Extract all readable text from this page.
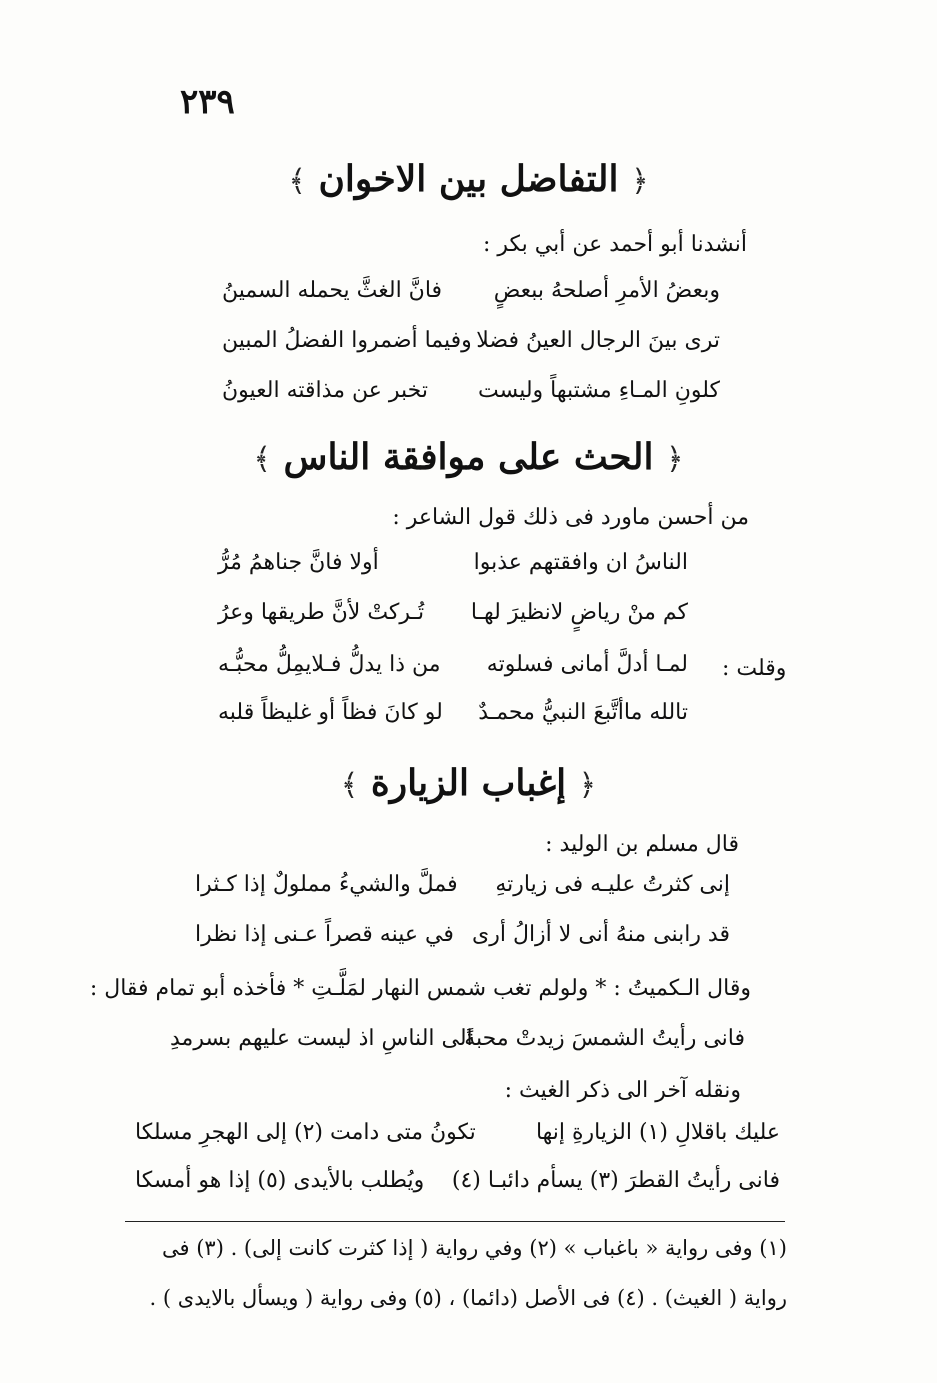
٢٣٩
﴿ التفاضل بين الاخوان ﴾
أنشدنا أبو أحمد عن أبي بكر :
وبعضُ الأمرِ أصلحهُ ببعضٍ
فانَّ الغثَّ يحمله السمينُ
ترى بينَ الرجال العينُ فضلا
وفيما أضمروا الفضلُ المبين
كلونِ المـاءِ مشتبهاً وليست
تخبر عن مذاقته العيونُ
﴿ الحث على موافقة الناس ﴾
من أحسن ماورد فى ذلك قول الشاعر :
الناسُ ان وافقتهم عذبوا
أولا فانَّ جناهمُ مُرُّ
كم منْ رياضٍ لانظيرَ لهـا
تُـركتْ لأنَّ طريقها وعرُ
وقلت :
لمـا أدلَّ أمانى فسلوته
من ذا يدلُّ فـلايمِلُّ محبُّـه
تالله ماأتَّبعَ النبيُّ محمـدٌ
لو كانَ فظاً أو غليظاً قلبه
﴿ إغباب الزيارة ﴾
قال مسلم بن الوليد :
إنى كثرتُ عليـه فى زيارتهِ
فملَّ والشيءُ مملولٌ إذا كـثرا
قد رابنى منهُ أنى لا أزالُ أرى
في عينه قصراً عـنى إذا نظرا
وقال الـكميتُ : * ولولم تغب شمس النهار لمَلَّـتِ * فأخذه أبو تمام فقال :
فانى رأيتُ الشمسَ زيدتْ محبةً
الى الناسِ اذ ليست عليهم بسرمدِ
ونقله آخر الى ذكر الغيث :
عليك باقلالِ (١) الزيارةِ إنها
تكونُ متى دامت (٢) إلى الهجرِ مسلكا
فانى رأيتُ القطرَ (٣) يسأم دائبـا (٤)
ويُطلب بالأيدى (٥) إذا هو أمسكا
(١) وفى رواية « باغباب » (٢) وفي رواية ( إذا كثرت كانت إلى) . (٣) فى
رواية ( الغيث) . (٤) فى الأصل (دائما) ، (٥) وفى رواية ( ويسأل بالايدى ) .
